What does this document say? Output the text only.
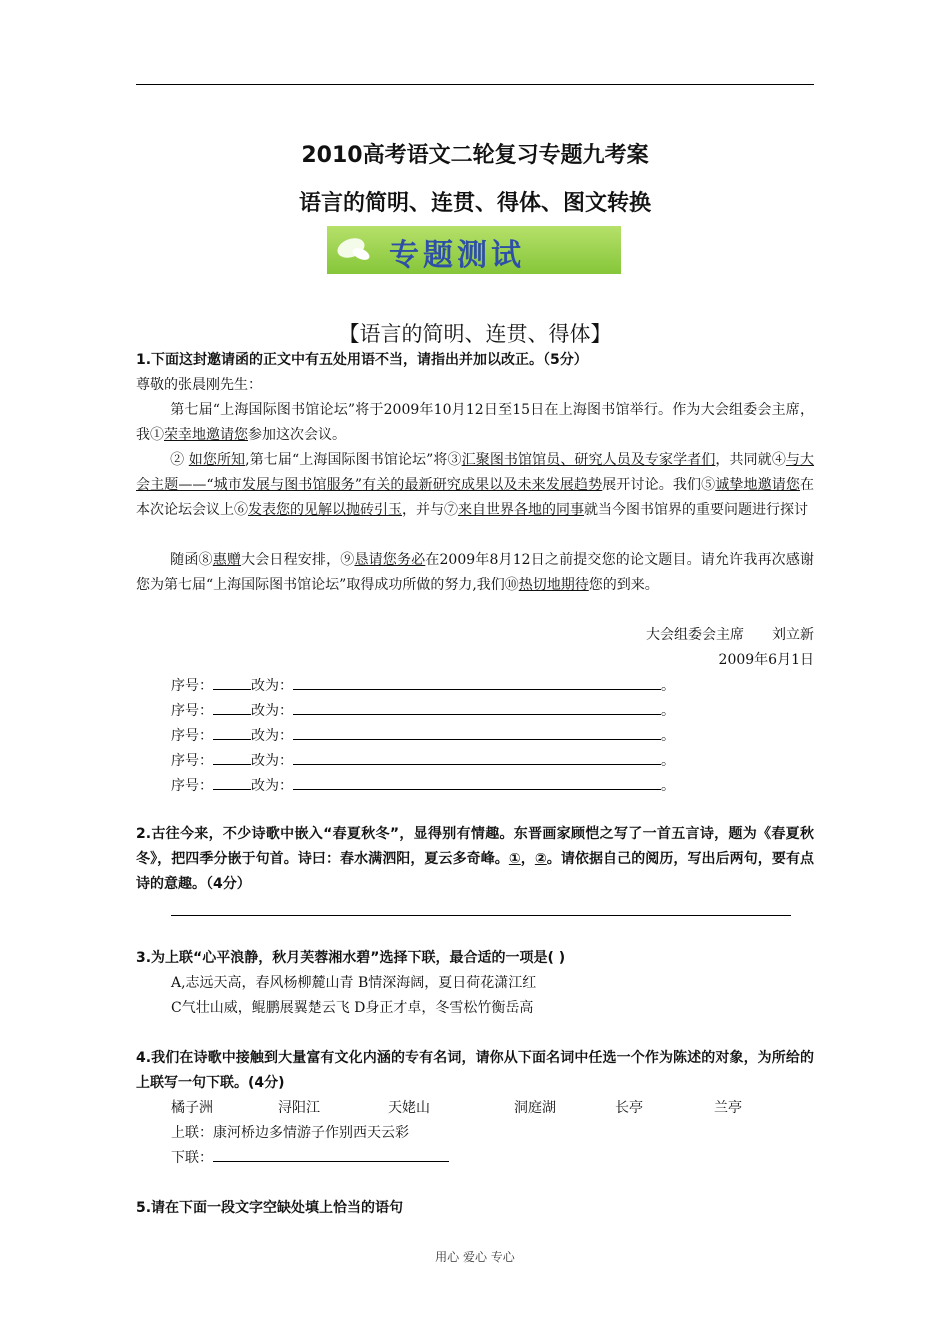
2010高考语文二轮复习专题九考案
语言的简明、连贯、得体、图文转换
专题测试
【语言的简明、连贯、得体】
1.下面这封邀请函的正文中有五处用语不当，请指出并加以改正。（5分）
尊敬的张晨刚先生：
第七届“上海国际图书馆论坛”将于2009年10月12日至15日在上海图书馆举行。作为大会组委会主席，我①荣幸地邀请您参加这次会议。
② 如您所知,第七届“上海国际图书馆论坛”将③汇聚图书馆馆员、研究人员及专家学者们，共同就④与大会主题——“城市发展与图书馆服务”有关的最新研究成果以及未来发展趋势展开讨论。我们⑤诚挚地邀请您在本次论坛会议上⑥发表您的见解以抛砖引玉，并与⑦来自世界各地的同事就当今图书馆界的重要问题进行探讨
随函⑧惠赠大会日程安排，⑨恳请您务必在2009年8月12日之前提交您的论文题目。请允许我再次感谢您为第七届“上海国际图书馆论坛”取得成功所做的努力,我们⑩热切地期待您的到来。
大会组委会主席　　刘立新
2009年6月1日
序号：	改为：	。
序号：	改为：	。
序号：	改为：	。
序号：	改为：	。
序号：	改为：	。
2.古往今来，不少诗歌中嵌入“春夏秋冬”，显得别有情趣。东晋画家顾恺之写了一首五言诗，题为《春夏秋冬》，把四季分嵌于句首。诗曰：春水满泗阳，夏云多奇峰。①，②。请依据自己的阅历，写出后两句，要有点诗的意趣。（4分）
3.为上联“心平浪静，秋月芙蓉湘水碧”选择下联，最合适的一项是( )
A,志远天高，春风杨柳麓山青 B情深海阔，夏日荷花潇江红
C气壮山威，鲲鹏展翼楚云飞 D身正才卓，冬雪松竹衡岳高
4.我们在诗歌中接触到大量富有文化内涵的专有名词，请你从下面名词中任选一个作为陈述的对象，为所给的上联写一句下联。(4分)
橘子洲	浔阳江	天姥山	洞庭湖	长亭	兰亭
上联：康河桥边多情游子作别西天云彩
下联：
5.请在下面一段文字空缺处填上恰当的语句
用心 爱心 专心
